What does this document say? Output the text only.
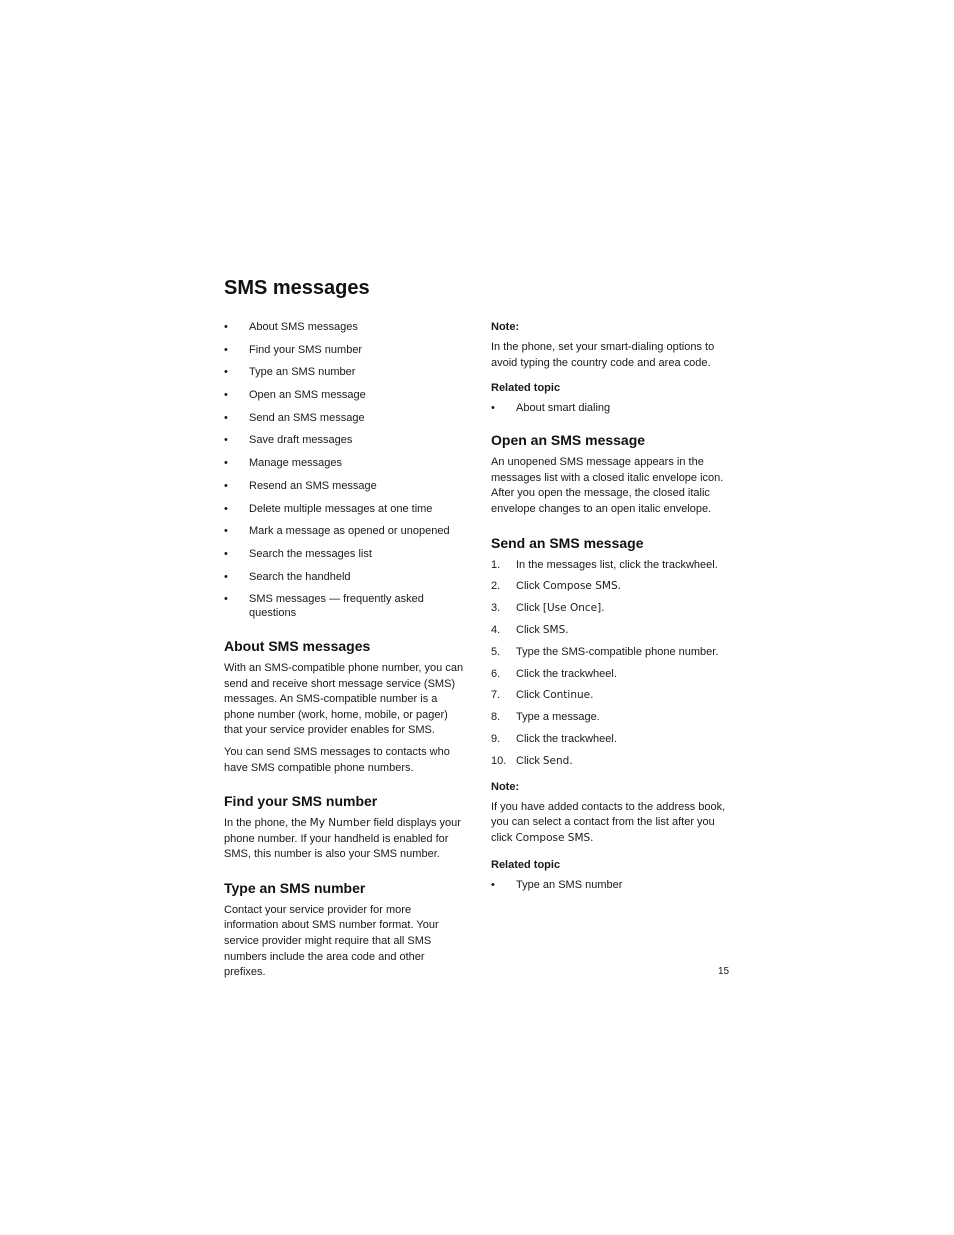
SMS messages
• About SMS messages
• Find your SMS number
• Type an SMS number
• Open an SMS message
• Send an SMS message
• Save draft messages
• Manage messages
• Resend an SMS message
• Delete multiple messages at one time
• Mark a message as opened or unopened
• Search the messages list
• Search the handheld
• SMS messages — frequently asked questions
About SMS messages

With an SMS-compatible phone number, you can send and receive short message service (SMS) messages. An SMS-compatible number is a phone number (work, home, mobile, or pager) that your service provider enables for SMS.

You can send SMS messages to contacts who have SMS compatible phone numbers.

Find your SMS number

In the phone, the My Number field displays your phone number. If your handheld is enabled for SMS, this number is also your SMS number.

Type an SMS number

Contact your service provider for more information about SMS number format. Your service provider might require that all SMS numbers include the area code and other prefixes.

Note:

In the phone, set your smart-dialing options to avoid typing the country code and area code.

Related topic
• About smart dialing
Open an SMS message

An unopened SMS message appears in the messages list with a closed italic envelope icon. After you open the message, the closed italic envelope changes to an open italic envelope.

Send an SMS message
1.	In the messages list, click the trackwheel.
2.	Click Compose SMS.
3.	Click [Use Once].
4.	Click SMS.
5.	Type the SMS-compatible phone number.
6.	Click the trackwheel.
7.	Click Continue.
8.	Type a message.
9.	Click the trackwheel.
10. Click Send.
Note:

If you have added contacts to the address book, you can select a contact from the list after you click Compose SMS.

Related topic
• Type an SMS number
15
